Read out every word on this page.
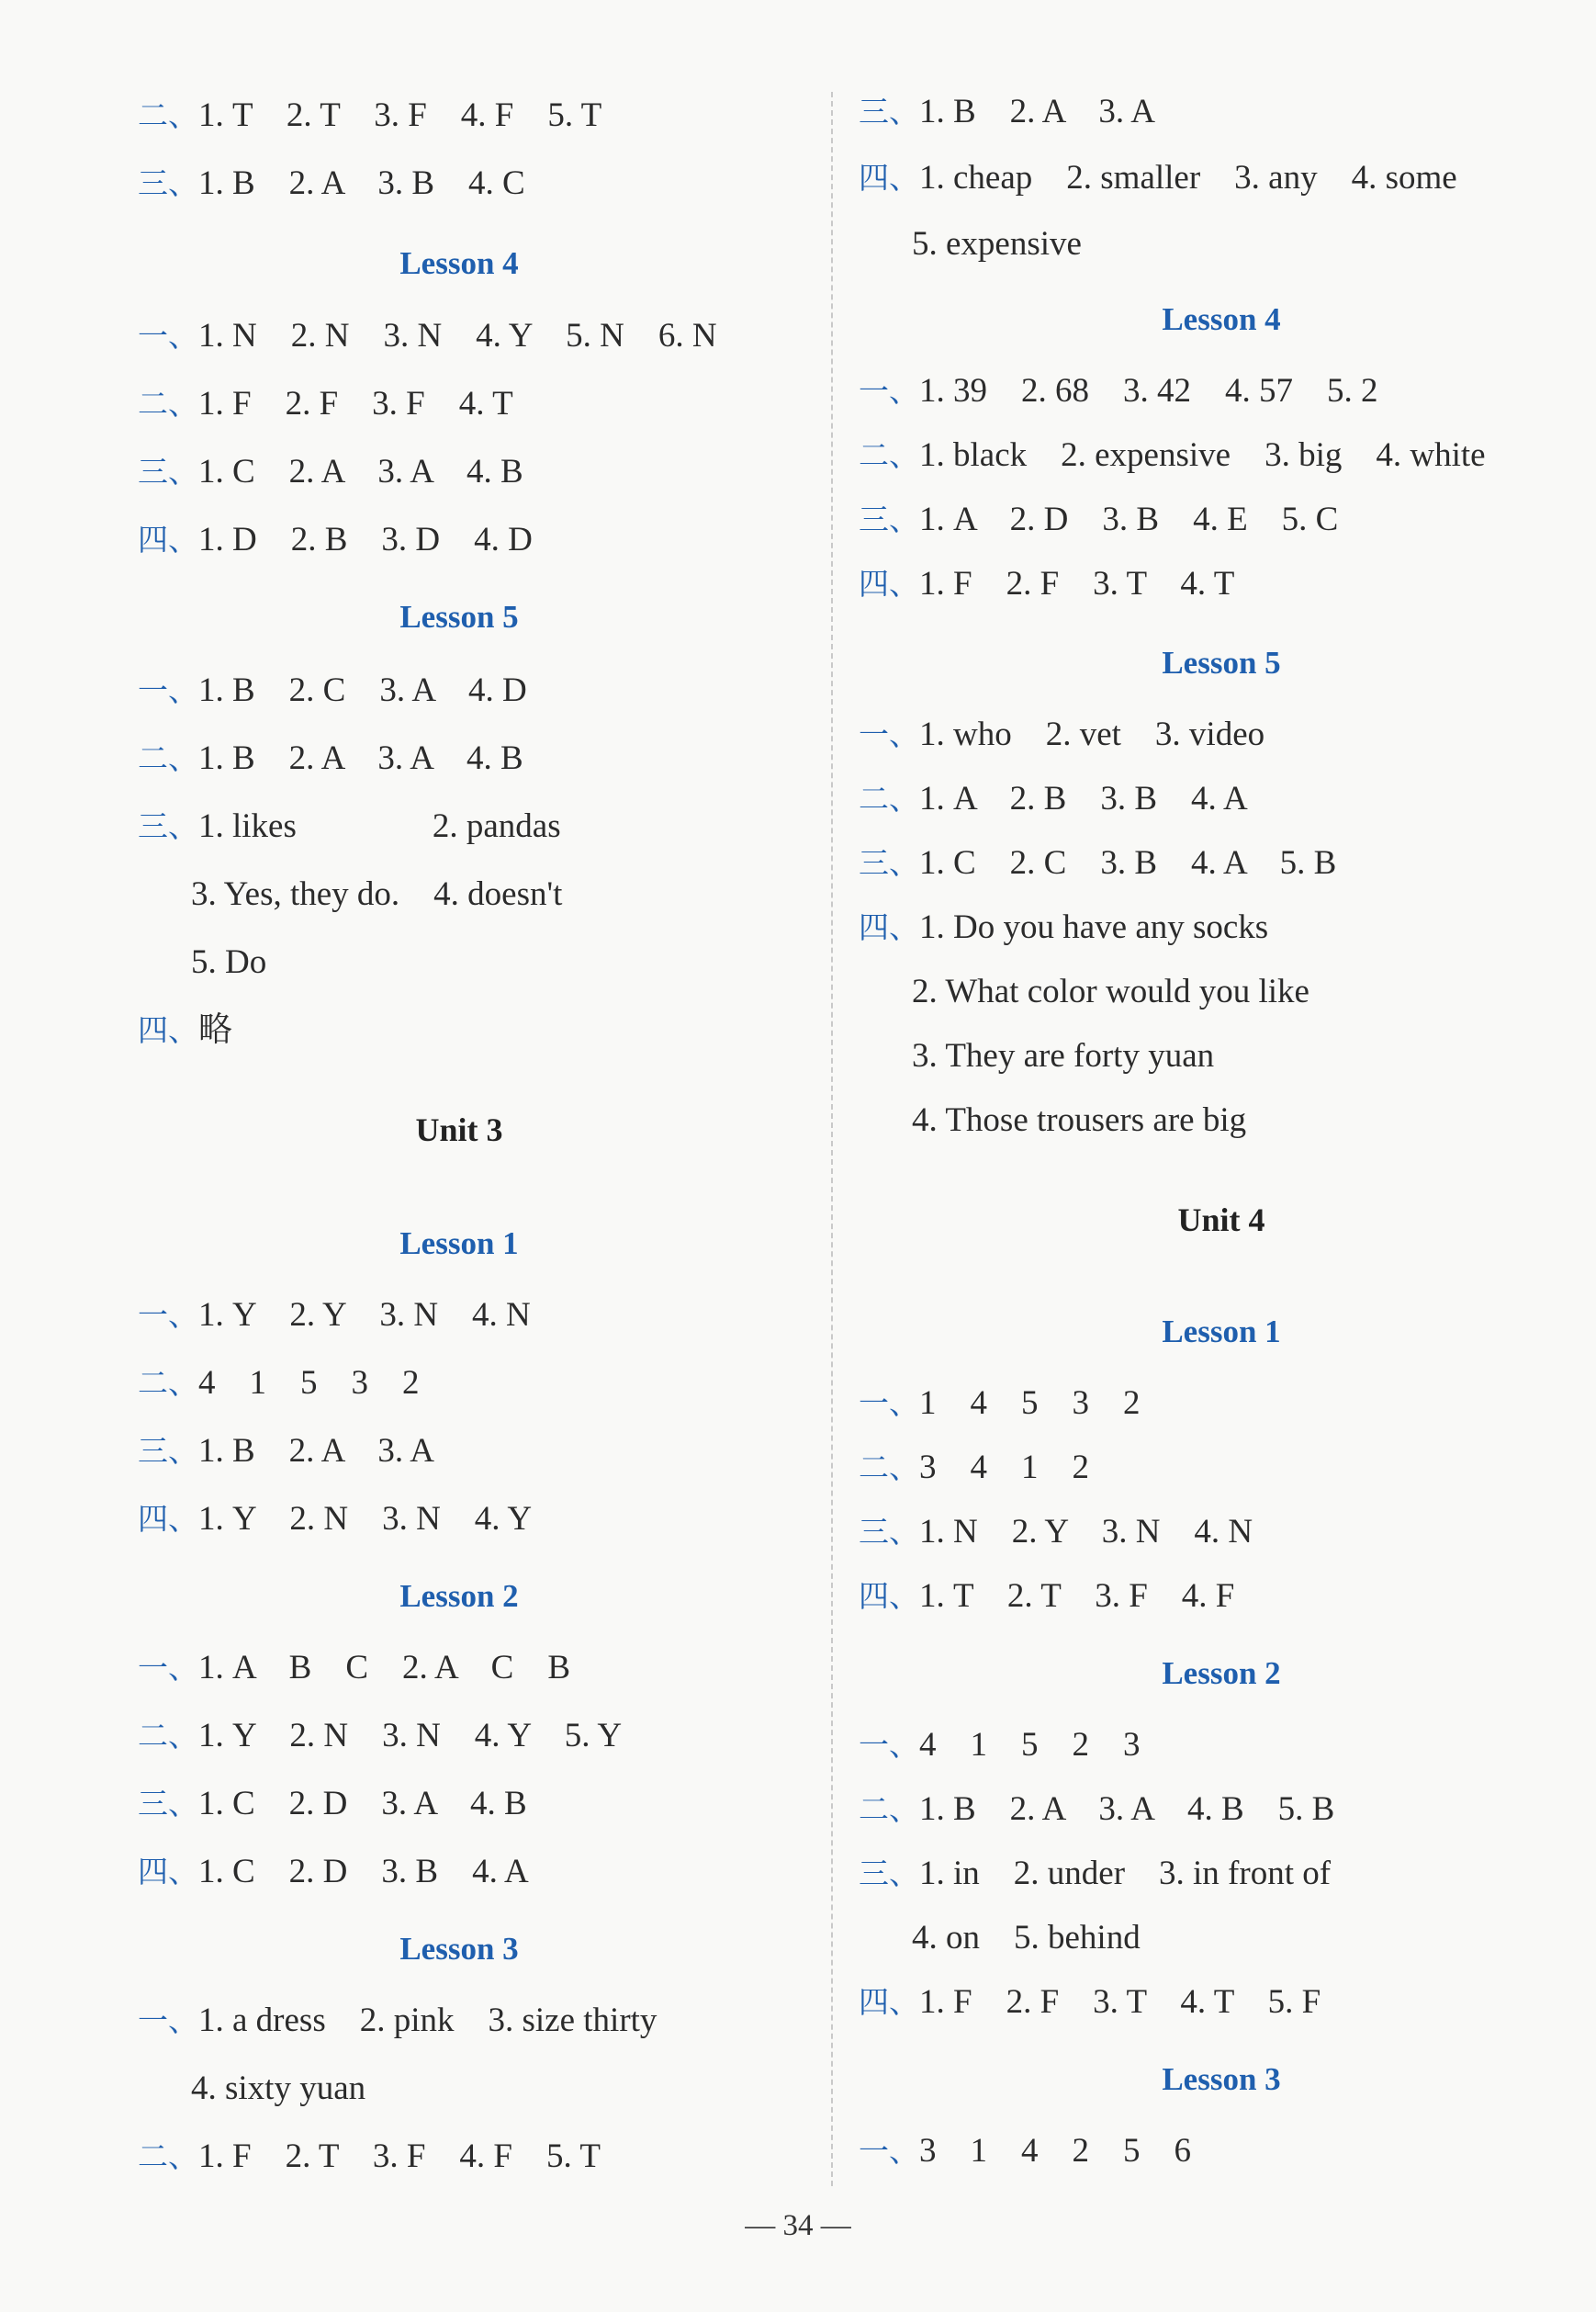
二、1. T    2. T    3. F    4. F    5. T
三、1. B    2. A    3. B    4. C
Lesson 4
一、1. N    2. N    3. N    4. Y    5. N    6. N
二、1. F    2. F    3. F    4. T
三、1. C    2. A    3. A    4. B
四、1. D    2. B    3. D    4. D
Lesson 5
一、1. B    2. C    3. A    4. D
二、1. B    2. A    3. A    4. B
三、1. likes                2. pandas
3. Yes, they do.    4. doesn't
5. Do
四、略
Unit 3
Lesson 1
一、1. Y    2. Y    3. N    4. N
二、4    1    5    3    2
三、1. B    2. A    3. A
四、1. Y    2. N    3. N    4. Y
Lesson 2
一、1. A    B    C    2. A    C    B
二、1. Y    2. N    3. N    4. Y    5. Y
三、1. C    2. D    3. A    4. B
四、1. C    2. D    3. B    4. A
Lesson 3
一、1. a dress    2. pink    3. size thirty
4. sixty yuan
二、1. F    2. T    3. F    4. F    5. T
三、1. B    2. A    3. A
四、1. cheap    2. smaller    3. any    4. some
5. expensive
Lesson 4
一、1. 39    2. 68    3. 42    4. 57    5. 2
二、1. black    2. expensive    3. big    4. white
三、1. A    2. D    3. B    4. E    5. C
四、1. F    2. F    3. T    4. T
Lesson 5
一、1. who    2. vet    3. video
二、1. A    2. B    3. B    4. A
三、1. C    2. C    3. B    4. A    5. B
四、1. Do you have any socks
2. What color would you like
3. They are forty yuan
4. Those trousers are big
Unit 4
Lesson 1
一、1    4    5    3    2
二、3    4    1    2
三、1. N    2. Y    3. N    4. N
四、1. T    2. T    3. F    4. F
Lesson 2
一、4    1    5    2    3
二、1. B    2. A    3. A    4. B    5. B
三、1. in    2. under    3. in front of
4. on    5. behind
四、1. F    2. F    3. T    4. T    5. F
Lesson 3
一、3    1    4    2    5    6
— 34 —
